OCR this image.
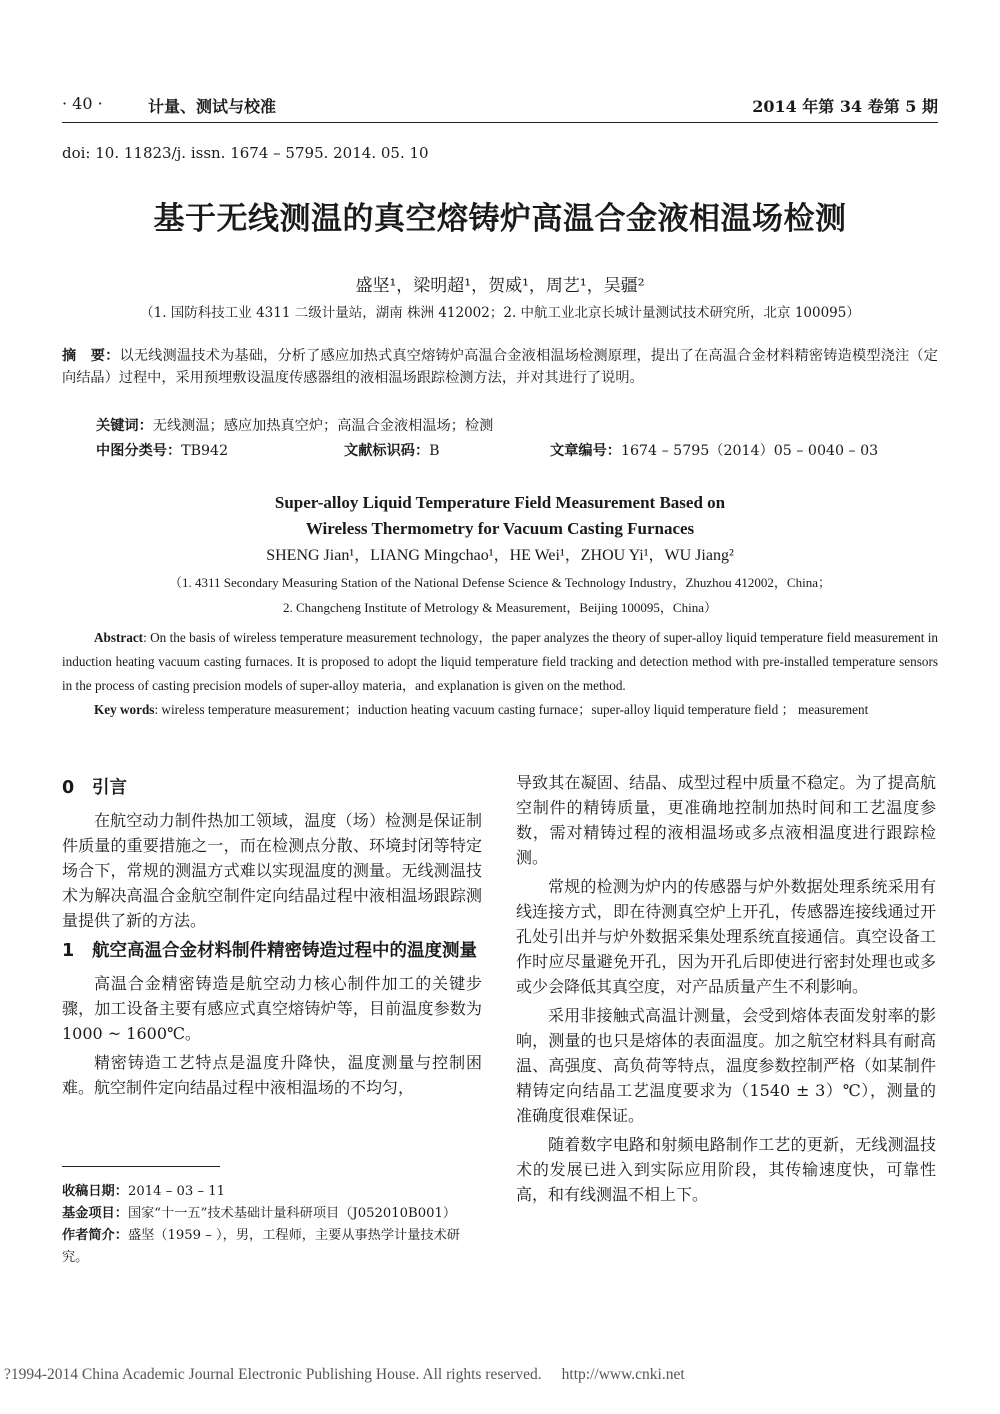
· 40 ·	计量、测试与校准	2014 年第 34 卷第 5 期
doi: 10. 11823/j. issn. 1674 – 5795. 2014. 05. 10
基于无线测温的真空熔铸炉高温合金液相温场检测
盛坚¹，梁明超¹，贺威¹，周艺¹，吴疆²
（1. 国防科技工业 4311 二级计量站，湖南 株洲 412002；2. 中航工业北京长城计量测试技术研究所，北京 100095）
摘　要：以无线测温技术为基础，分析了感应加热式真空熔铸炉高温合金液相温场检测原理，提出了在高温合金材料精密铸造模型浇注（定向结晶）过程中，采用预埋敷设温度传感器组的液相温场跟踪检测方法，并对其进行了说明。
关键词：无线测温；感应加热真空炉；高温合金液相温场；检测
中图分类号：TB942	文献标识码：B	文章编号：1674 – 5795（2014）05 – 0040 – 03
Super-alloy Liquid Temperature Field Measurement Based on
Wireless Thermometry for Vacuum Casting Furnaces
SHENG Jian¹，LIANG Mingchao¹，HE Wei¹，ZHOU Yi¹，WU Jiang²
（1. 4311 Secondary Measuring Station of the National Defense Science & Technology Industry，Zhuzhou 412002，China；
2. Changcheng Institute of Metrology & Measurement，Beijing 100095，China）
Abstract: On the basis of wireless temperature measurement technology，the paper analyzes the theory of super-alloy liquid temperature field measurement in induction heating vacuum casting furnaces. It is proposed to adopt the liquid temperature field tracking and detection method with pre-installed temperature sensors in the process of casting precision models of super-alloy materia，and explanation is given on the method.
Key words: wireless temperature measurement；induction heating vacuum casting furnace；super-alloy liquid temperature field ； measurement
0 引言

在航空动力制件热加工领域，温度（场）检测是保证制件质量的重要措施之一，而在检测点分散、环境封闭等特定场合下，常规的测温方式难以实现温度的测量。无线测温技术为解决高温合金航空制件定向结晶过程中液相温场跟踪测量提供了新的方法。

1 航空高温合金材料制件精密铸造过程中的温度测量

高温合金精密铸造是航空动力核心制件加工的关键步骤，加工设备主要有感应式真空熔铸炉等，目前温度参数为 1000 ~ 1600℃。

精密铸造工艺特点是温度升降快，温度测量与控制困难。航空制件定向结晶过程中液相温场的不均匀，

收稿日期：2014 – 03 – 11
基金项目：国家“十一五”技术基础计量科研项目（J052010B001）
作者简介：盛坚（1959 – ），男，工程师，主要从事热学计量技术研究。

导致其在凝固、结晶、成型过程中质量不稳定。为了提高航空制件的精铸质量，更准确地控制加热时间和工艺温度参数，需对精铸过程的液相温场或多点液相温度进行跟踪检测。

常规的检测为炉内的传感器与炉外数据处理系统采用有线连接方式，即在待测真空炉上开孔，传感器连接线通过开孔处引出并与炉外数据采集处理系统直接通信。真空设备工作时应尽量避免开孔，因为开孔后即使进行密封处理也或多或少会降低其真空度，对产品质量产生不利影响。

采用非接触式高温计测量，会受到熔体表面发射率的影响，测量的也只是熔体的表面温度。加之航空材料具有耐高温、高强度、高负荷等特点，温度参数控制严格（如某制件精铸定向结晶工艺温度要求为（1540 ± 3）℃），测量的准确度很难保证。

随着数字电路和射频电路制作工艺的更新，无线测温技术的发展已进入到实际应用阶段，其传输速度快，可靠性高，和有线测温不相上下。

?1994-2014 China Academic Journal Electronic Publishing House. All rights reserved. http://www.cnki.net
